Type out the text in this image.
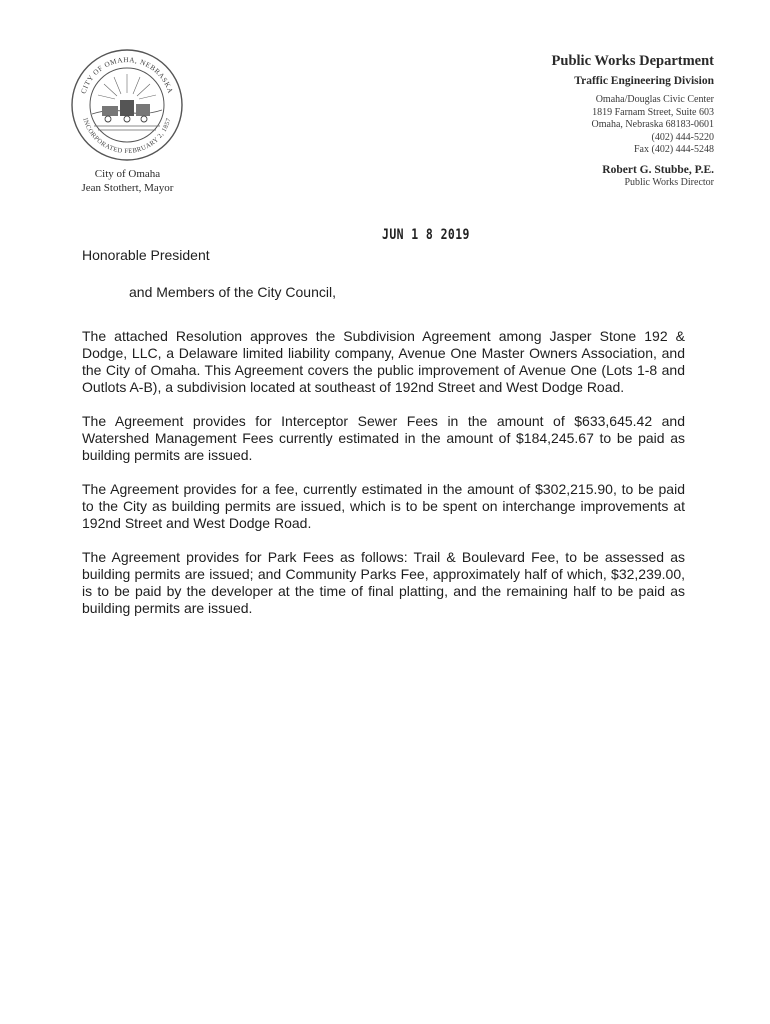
CITY OF OMAHA, NEBRASKA
INCORPORATED FEBRUARY 2, 1857
City of Omaha
Jean Stothert, Mayor
Public Works Department
Traffic Engineering Division
Omaha/Douglas Civic Center
1819 Farnam Street, Suite 603
Omaha, Nebraska 68183-0601
(402) 444-5220
Fax (402) 444-5248
Robert G. Stubbe, P.E.
Public Works Director
JUN 1 8 2019
Honorable President
and Members of the City Council,

The attached Resolution approves the Subdivision Agreement among Jasper Stone 192 & Dodge, LLC, a Delaware limited liability company, Avenue One Master Owners Association, and the City of Omaha. This Agreement covers the public improvement of Avenue One (Lots 1-8 and Outlots A-B), a subdivision located at southeast of 192nd Street and West Dodge Road.

The Agreement provides for Interceptor Sewer Fees in the amount of $633,645.42 and Watershed Management Fees currently estimated in the amount of $184,245.67 to be paid as building permits are issued.

The Agreement provides for a fee, currently estimated in the amount of $302,215.90, to be paid to the City as building permits are issued, which is to be spent on interchange improvements at 192nd Street and West Dodge Road.

The Agreement provides for Park Fees as follows: Trail & Boulevard Fee, to be assessed as building permits are issued; and Community Parks Fee, approximately half of which, $32,239.00, is to be paid by the developer at the time of final platting, and the remaining half to be paid as building permits are issued.
